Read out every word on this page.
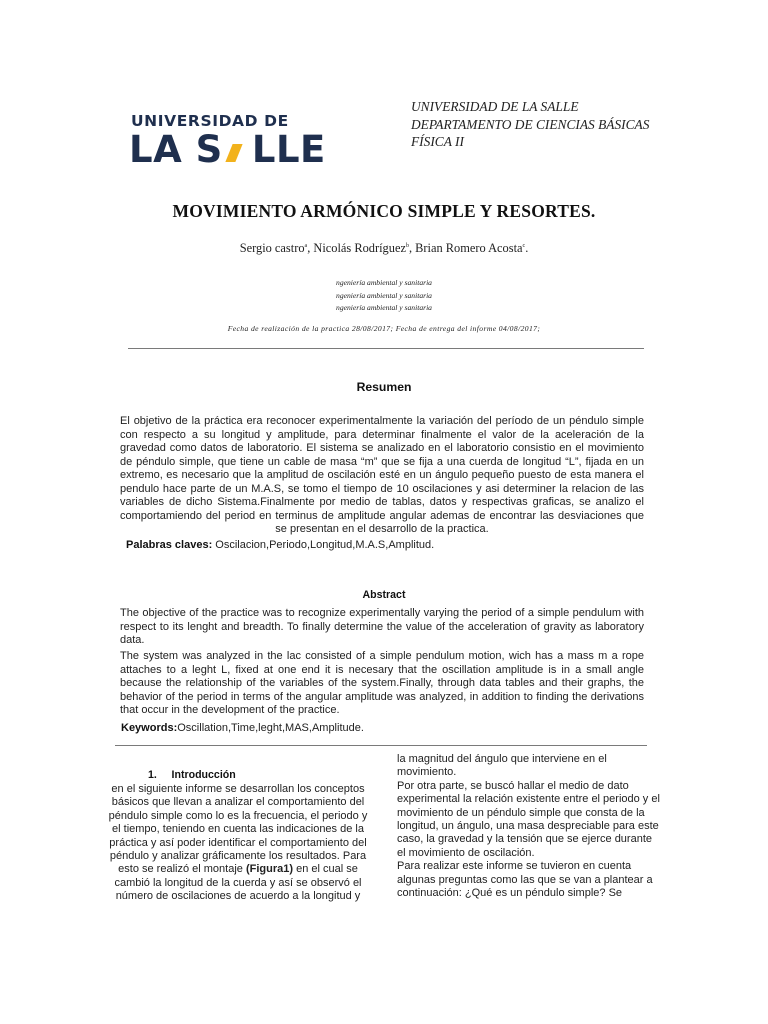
UNIVERSIDAD DE
LA S LLE
UNIVERSIDAD DE LA SALLE
DEPARTAMENTO DE CIENCIAS BÁSICAS
FÍSICA II
MOVIMIENTO ARMÓNICO SIMPLE Y RESORTES.
Sergio castro$^a$, Nicolás Rodríguez$^b$, Brian Romero Acosta$^c$.
ngeniería ambiental y sanitaria
ngeniería ambiental y sanitaria
ngeniería ambiental y sanitaria
Fecha de realización de la practica 28/08/2017; Fecha de entrega del informe 04/08/2017;
Resumen
El objetivo de la práctica era reconocer experimentalmente la variación del período de un péndulo simple con respecto a su longitud y amplitude, para determinar finalmente el valor de la aceleración de la gravedad como datos de laboratorio. El sistema se analizado en el laboratorio consistio en el movimiento de péndulo simple, que tiene un cable de masa “m” que se fija a una cuerda de longitud “L”, fijada en un extremo, es necesario que la amplitud de oscilación esté en un ángulo pequeño puesto de esta manera el pendulo hace parte de un M.A.S, se tomo el tiempo de 10 oscilaciones y asi determiner la relacion de las variables de dicho Sistema.Finalmente por medio de tablas, datos y respectivas graficas, se analizo el comportamiendo del period en terminus de amplitude angular ademas de encontrar las desviaciones que se presentan en el desarrollo de la practica.
Palabras claves: Oscilacion,Periodo,Longitud,M.A.S,Amplitud.
Abstract
The objective of the practice was to recognize experimentally varying the period of a simple pendulum with respect to its lenght and breadth. To finally determine the value of the acceleration of gravity as laboratory data.
The system was analyzed in the lac consisted of a simple pendulum motion, wich has a mass m a rope attaches to a leght L, fixed at one end it is necesary that the oscillation amplitude is in a small angle because the relationship of the variables of the system.Finally, through data tables and their graphs, the behavior of the period in terms of the angular amplitude was analyzed, in addition to finding the derivations that occur in the development of the practice.
Keywords:Oscillation,Time,leght,MAS,Amplitude.
1.     Introducción
en el siguiente informe se desarrollan los conceptos básicos que llevan a analizar el comportamiento del péndulo simple como lo es la frecuencia, el periodo y el tiempo, teniendo en cuenta las indicaciones de la práctica y así poder identificar el comportamiento del péndulo y analizar gráficamente los resultados. Para esto se realizó el montaje (Figura1) en el cual se cambió la longitud de la cuerda y así se observó el número de oscilaciones de acuerdo a la longitud y
la magnitud del ángulo que interviene en el movimiento.
Por otra parte, se buscó hallar el medio de dato experimental la relación existente entre el periodo y el movimiento de un péndulo simple que consta de la longitud, un ángulo, una masa despreciable para este caso, la gravedad y la tensión que se ejerce durante el movimiento de oscilación.
Para realizar este informe se tuvieron en cuenta algunas preguntas como las que se van a plantear a continuación: ¿Qué es un péndulo simple? Se
